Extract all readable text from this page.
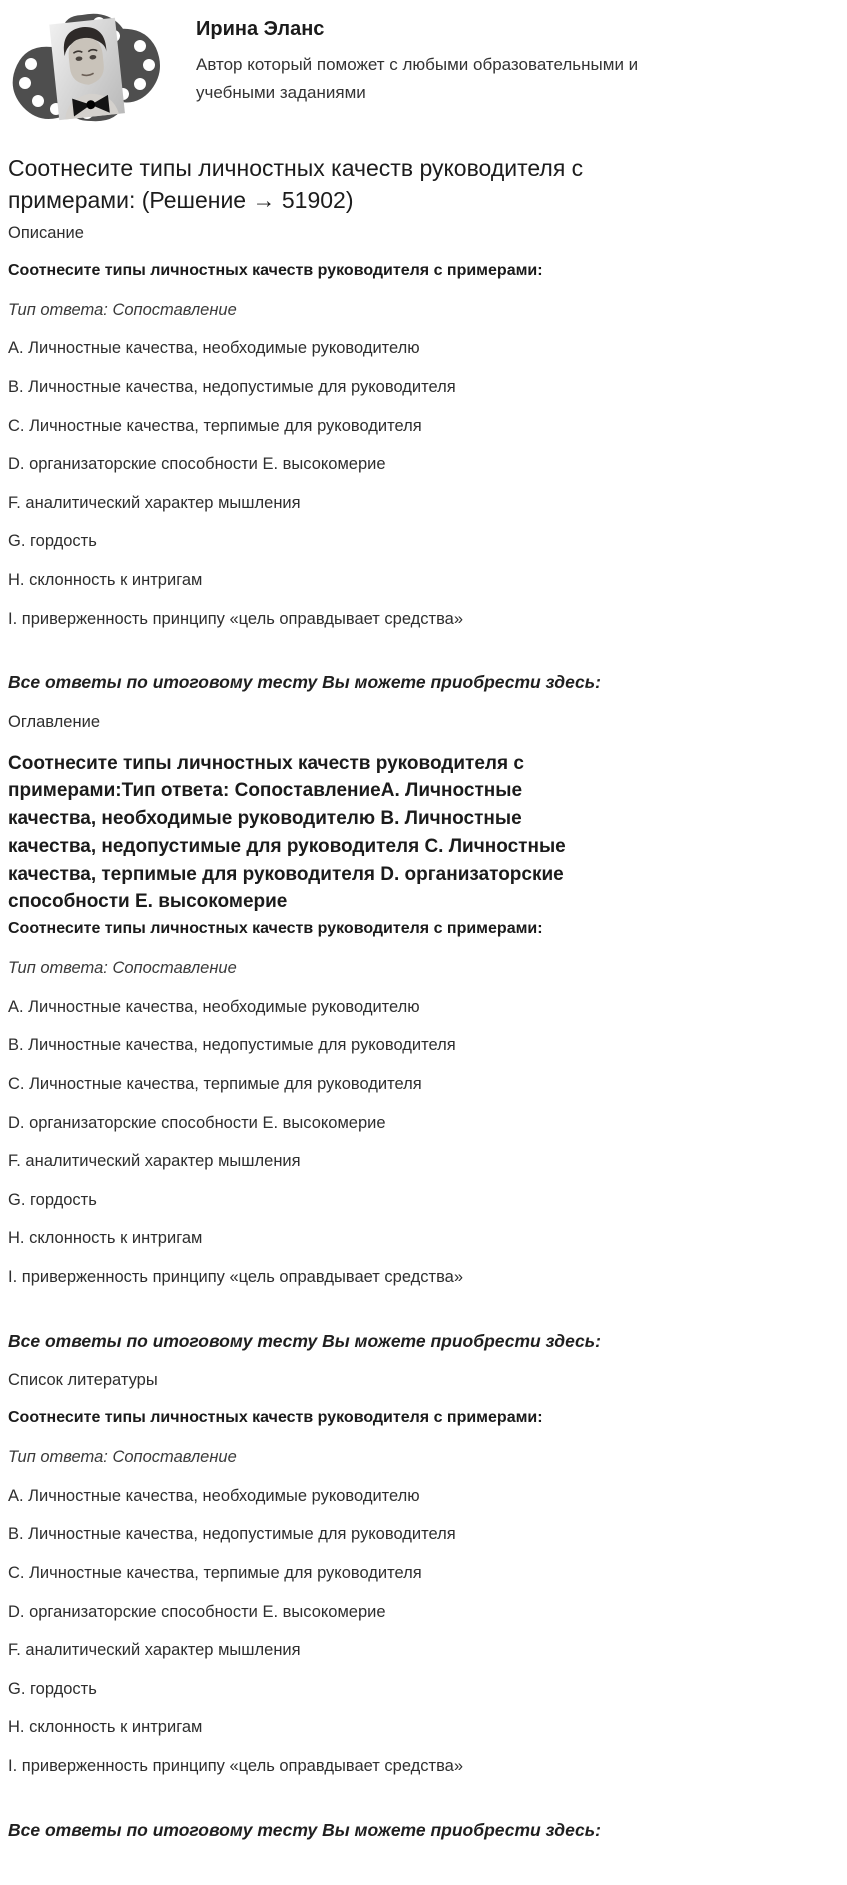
Ирина Эланс
Автор который поможет с любыми образовательными и учебными заданиями
Соотнесите типы личностных качеств руководителя с примерами: (Решение → 51902)

Описание

Соотнесите типы личностных качеств руководителя с примерами:

Тип ответа: Сопоставление

A. Личностные качества, необходимые руководителю

B. Личностные качества, недопустимые для руководителя

C. Личностные качества, терпимые для руководителя

D. организаторские способности E. высокомерие

F. аналитический характер мышления

G. гордость

H. склонность к интригам

I. приверженность принципу «цель оправдывает средства»

Все ответы по итоговому тесту Вы можете приобрести здесь:

Оглавление

Соотнесите типы личностных качеств руководителя с примерами:Тип ответа: СопоставлениеA. Личностные качества, необходимые руководителю B. Личностные качества, недопустимые для руководителя C. Личностные качества, терпимые для руководителя D. организаторские способности E. высокомерие

Соотнесите типы личностных качеств руководителя с примерами:

Тип ответа: Сопоставление

A. Личностные качества, необходимые руководителю

B. Личностные качества, недопустимые для руководителя

C. Личностные качества, терпимые для руководителя

D. организаторские способности E. высокомерие

F. аналитический характер мышления

G. гордость

H. склонность к интригам

I. приверженность принципу «цель оправдывает средства»

Все ответы по итоговому тесту Вы можете приобрести здесь:

Список литературы

Соотнесите типы личностных качеств руководителя с примерами:

Тип ответа: Сопоставление

A. Личностные качества, необходимые руководителю

B. Личностные качества, недопустимые для руководителя

C. Личностные качества, терпимые для руководителя

D. организаторские способности E. высокомерие

F. аналитический характер мышления

G. гордость

H. склонность к интригам

I. приверженность принципу «цель оправдывает средства»

Все ответы по итоговому тесту Вы можете приобрести здесь:
